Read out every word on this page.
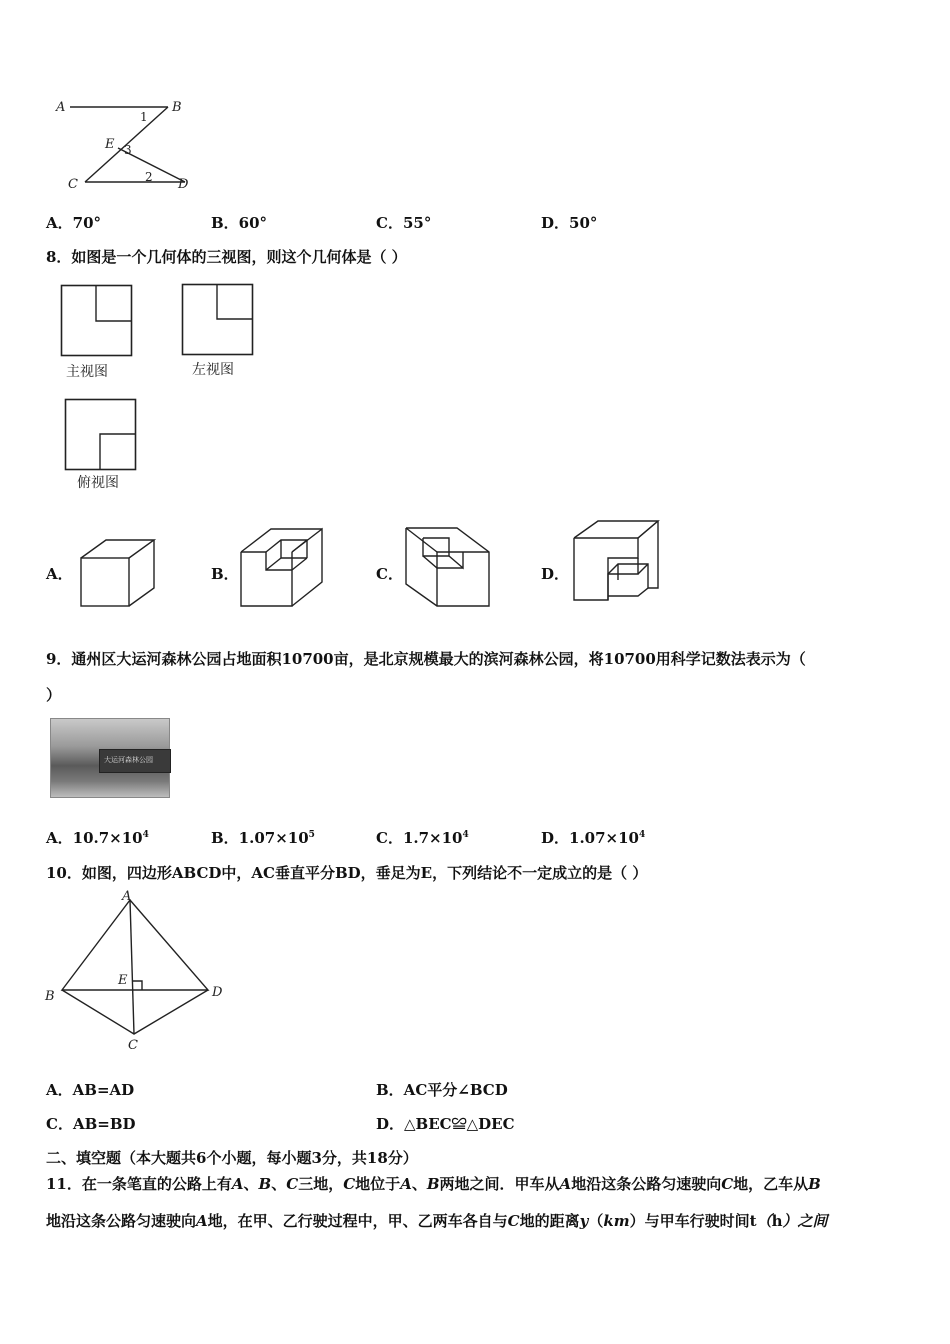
A	B
C	D
E
1
2
3
A．70°	B．60°	C．55°	D．50°
8．如图是一个几何体的三视图，则这个几何体是（ ）
主视图	左视图
俯视图
A．	B．	C．	D．
9．通州区大运河森林公园占地面积10700亩，是北京规模最大的滨河森林公园，将10700用科学记数法表示为（
）
大运河森林公园
A．$10.7\times 10^4$	B．$1.07\times 10^5$	C．$1.7\times 10^4$	D．$1.07\times 10^4$
10．如图，四边形ABCD中，AC垂直平分BD，垂足为E，下列结论不一定成立的是（ ）
A
B
C
D
E
A．AB=AD	B．AC平分∠BCD
C．AB=BD	D．△BEC≌△DEC
二、填空题（本大题共6个小题，每小题3分，共18分）
11．在一条笔直的公路上有A、B、C三地，C地位于A、B两地之间．甲车从A地沿这条公路匀速驶向C地，乙车从B
地沿这条公路匀速驶向A地，在甲、乙行驶过程中，甲、乙两车各自与C地的距离y（km）与甲车行驶时间t（h）之间
